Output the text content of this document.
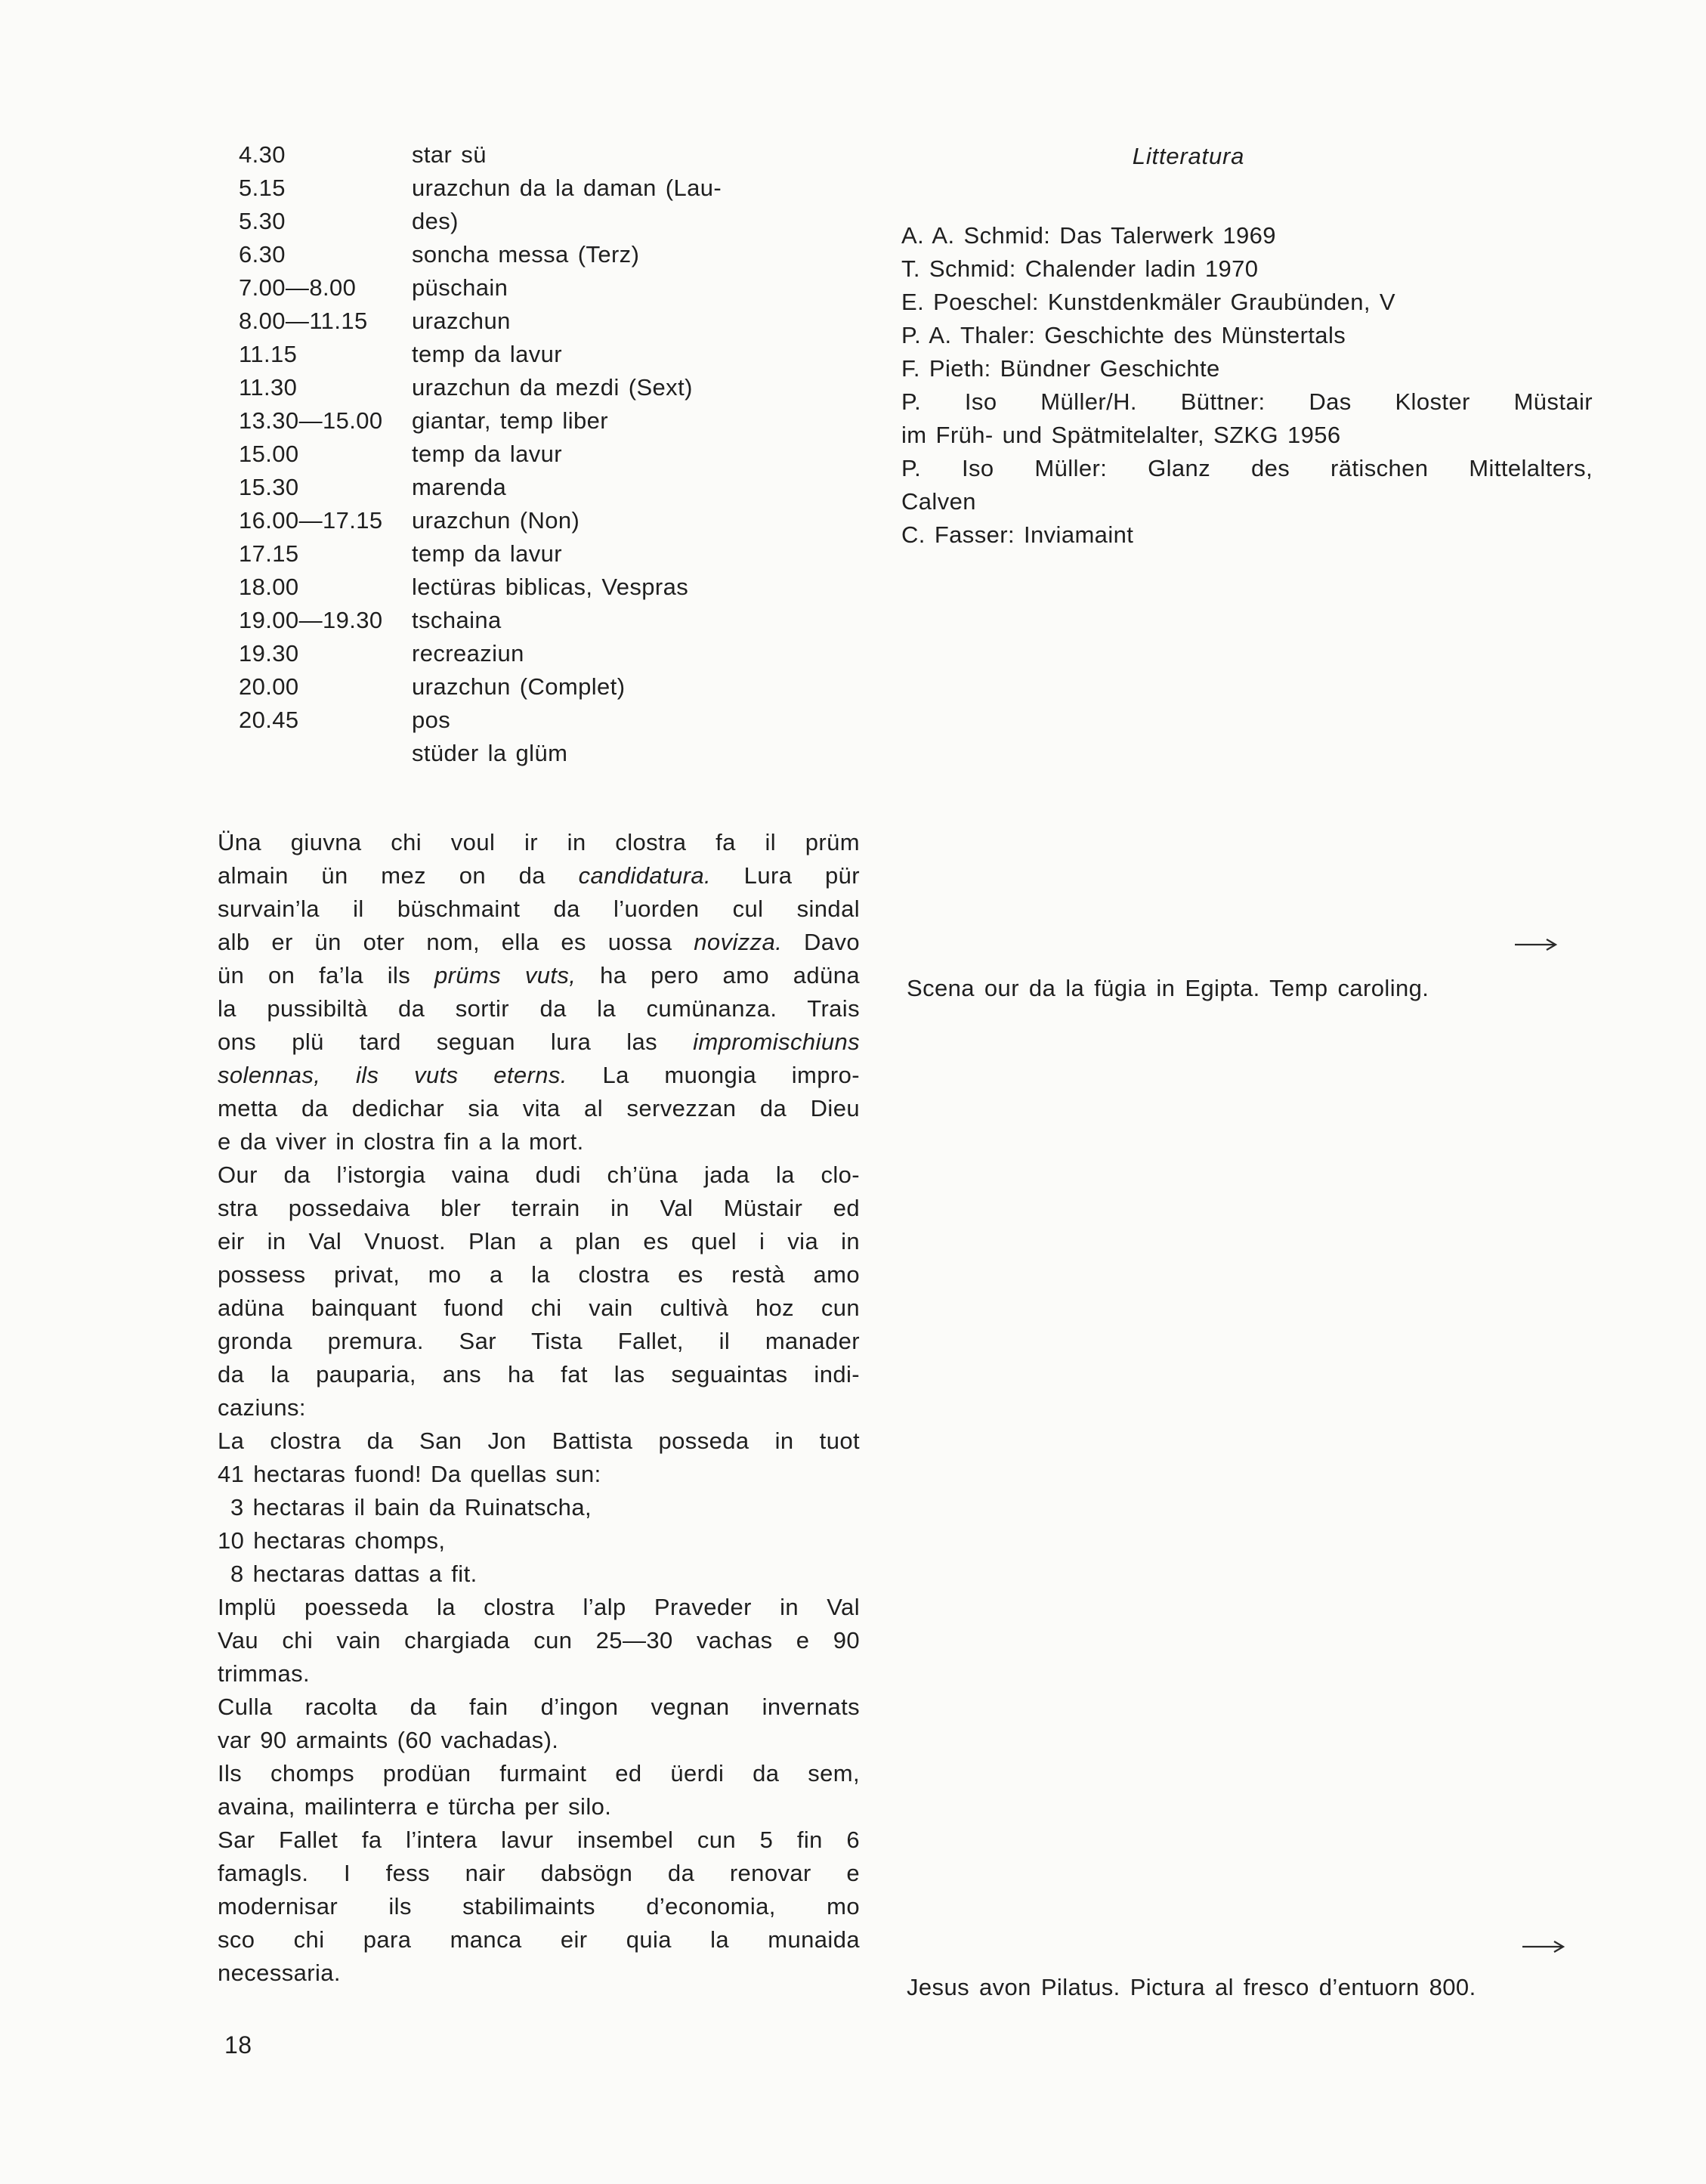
4.30	star sü
5.15	urazchun da la daman (Lau-
5.30	des)
6.30	soncha messa (Terz)
7.00—8.00	püschain
8.00—11.15	urazchun
11.15	temp da lavur
11.30	urazchun da mezdi (Sext)
13.30—15.00	giantar, temp liber
15.00	temp da lavur
15.30	marenda
16.00—17.15	urazchun (Non)
17.15	temp da lavur
18.00	lectüras biblicas, Vespras
19.00—19.30	tschaina
19.30	recreaziun
20.00	urazchun (Complet)
20.45	pos
stüder la glüm
Litteratura
A. A. Schmid: Das Talerwerk 1969
T. Schmid: Chalender ladin 1970
E. Poeschel: Kunstdenkmäler Graubünden, V
P. A. Thaler: Geschichte des Münstertals
F. Pieth: Bündner Geschichte
P. Iso Müller/H. Büttner: Das Kloster Müstair
im Früh- und Spätmitelalter, SZKG 1956
P. Iso Müller: Glanz des rätischen Mittelalters,
Calven
C. Fasser: Inviamaint
Üna giuvna chi voul ir in clostra fa il prüm
almain ün mez on da candidatura. Lura pür
survain’la il büschmaint da l’uorden cul sindal
alb er ün oter nom, ella es uossa novizza. Davo
ün on fa’la ils prüms vuts, ha pero amo adüna
la pussibiltà da sortir da la cumünanza. Trais
ons plü tard seguan lura las impromischiuns
solennas, ils vuts eterns. La muongia impro-
metta da dedichar sia vita al servezzan da Dieu
e da viver in clostra fin a la mort.
Our da l’istorgia vaina dudi ch’üna jada la clo-
stra possedaiva bler terrain in Val Müstair ed
eir in Val Vnuost. Plan a plan es quel i via in
possess privat, mo a la clostra es restà amo
adüna bainquant fuond chi vain cultivà hoz cun
gronda premura. Sar Tista Fallet, il manader
da la pauparia, ans ha fat las seguaintas indi-
caziuns:
La clostra da San Jon Battista posseda in tuot
41 hectaras fuond! Da quellas sun:
3 hectaras il bain da Ruinatscha,
10 hectaras chomps,
8 hectaras dattas a fit.
Implü poesseda la clostra l’alp Praveder in Val
Vau chi vain chargiada cun 25—30 vachas e 90
trimmas.
Culla racolta da fain d’ingon vegnan invernats
var 90 armaints (60 vachadas).
Ils chomps prodüan furmaint ed üerdi da sem,
avaina, mailinterra e türcha per silo.
Sar Fallet fa l’intera lavur insembel cun 5 fin 6
famagls. I fess nair dabsögn da renovar e
modernisar ils stabilimaints d’economia, mo
sco chi para manca eir quia la munaida
necessaria.
Scena our da la fügia in Egipta. Temp caroling.
Jesus avon Pilatus. Pictura al fresco d’entuorn 800.
18
